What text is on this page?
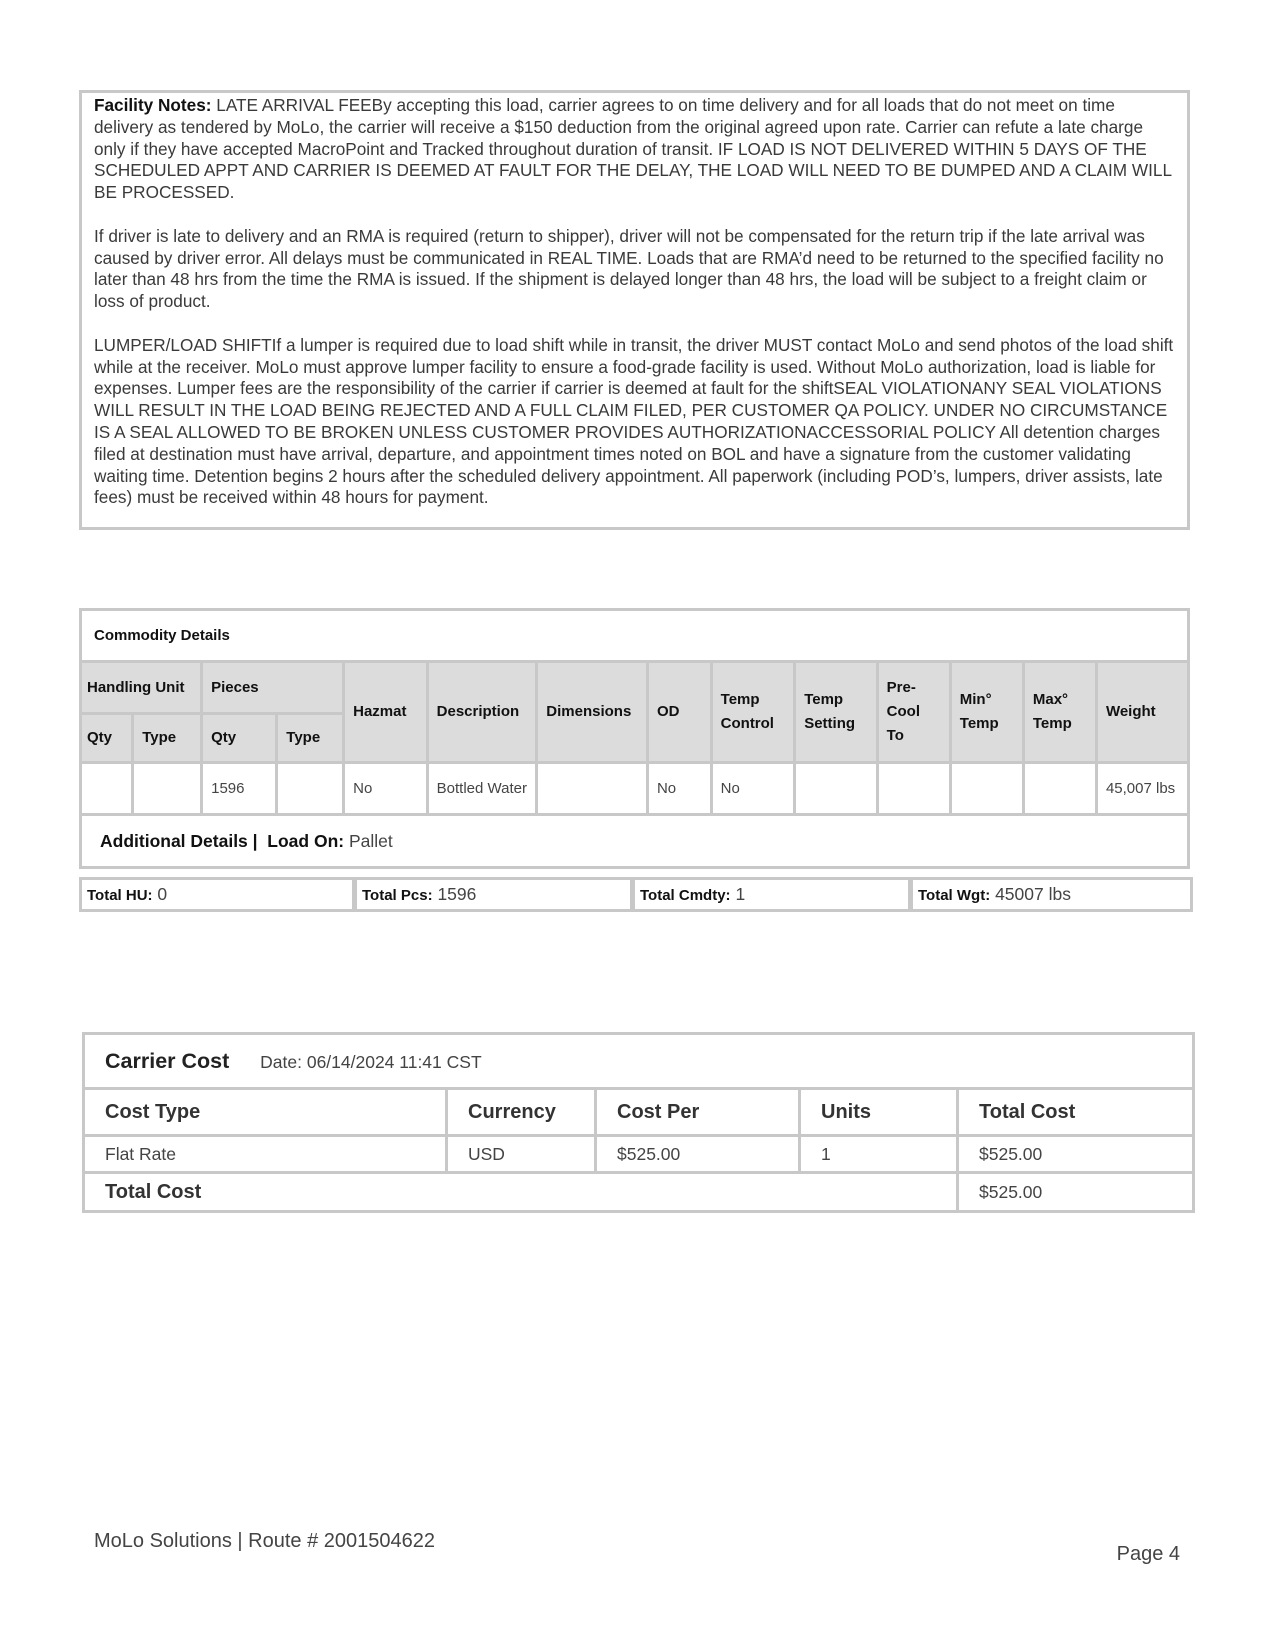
Facility Notes: LATE ARRIVAL FEEBy accepting this load, carrier agrees to on time delivery and for all loads that do not meet on time delivery as tendered by MoLo, the carrier will receive a $150 deduction from the original agreed upon rate. Carrier can refute a late charge only if they have accepted MacroPoint and Tracked throughout duration of transit. IF LOAD IS NOT DELIVERED WITHIN 5 DAYS OF THE SCHEDULED APPT AND CARRIER IS DEEMED AT FAULT FOR THE DELAY, THE LOAD WILL NEED TO BE DUMPED AND A CLAIM WILL BE PROCESSED.

If driver is late to delivery and an RMA is required (return to shipper), driver will not be compensated for the return trip if the late arrival was caused by driver error. All delays must be communicated in REAL TIME. Loads that are RMA’d need to be returned to the specified facility no later than 48 hrs from the time the RMA is issued. If the shipment is delayed longer than 48 hrs, the load will be subject to a freight claim or loss of product.

LUMPER/LOAD SHIFTIf a lumper is required due to load shift while in transit, the driver MUST contact MoLo and send photos of the load shift while at the receiver. MoLo must approve lumper facility to ensure a food-grade facility is used. Without MoLo authorization, load is liable for expenses. Lumper fees are the responsibility of the carrier if carrier is deemed at fault for the shiftSEAL VIOLATIONANY SEAL VIOLATIONS WILL RESULT IN THE LOAD BEING REJECTED AND A FULL CLAIM FILED, PER CUSTOMER QA POLICY. UNDER NO CIRCUMSTANCE IS A SEAL ALLOWED TO BE BROKEN UNLESS CUSTOMER PROVIDES AUTHORIZATIONACCESSORIAL POLICY All detention charges filed at destination must have arrival, departure, and appointment times noted on BOL and have a signature from the customer validating waiting time. Detention begins 2 hours after the scheduled delivery appointment. All paperwork (including POD’s, lumpers, driver assists, late fees) must be received within 48 hours for payment.

Commodity Details													
Handling Unit		Pieces		Hazmat	Description	Dimensions	OD	Temp Control	Temp Setting	Pre-Cool To	Min° Temp	Max° Temp	Weight
Qty	Type	Qty	Type										
		1596		No	Bottled Water		No	No					45,007 lbs
Additional Details | Load On: Pallet													
Total HU: 0		Total Pcs: 1596		Total Cmdty: 1		Total Wgt: 45007 lbs
Carrier Cost Date: 06/14/2024 11:41 CST				
Cost Type	Currency	Cost Per	Units	Total Cost
Flat Rate	USD	$525.00	1	$525.00
Total Cost				$525.00
MoLo Solutions | Route # 2001504622
Page 4
